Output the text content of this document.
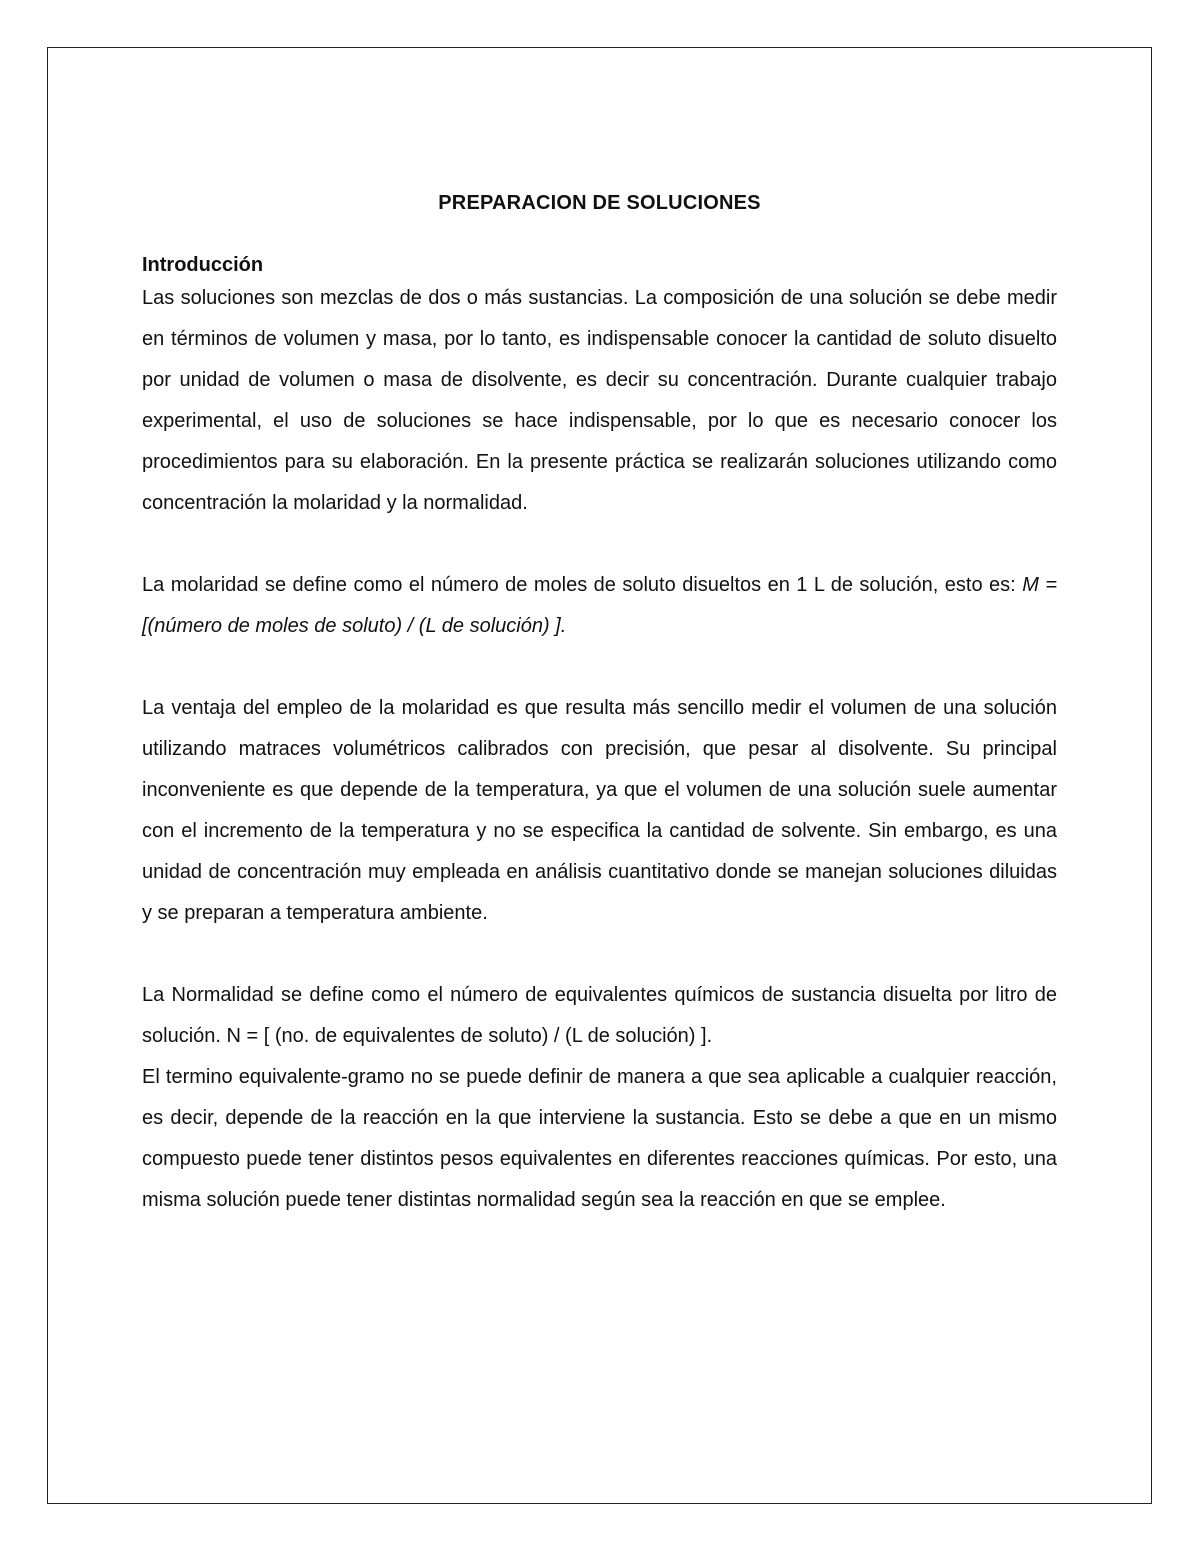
PREPARACION DE SOLUCIONES
Introducción

Las soluciones son mezclas de dos o más sustancias. La composición de una solución se debe medir en términos de volumen y masa, por lo tanto, es indispensable conocer la cantidad de soluto disuelto por unidad de volumen o masa de disolvente, es decir su concentración. Durante cualquier trabajo experimental, el uso de soluciones se hace indispensable, por lo que es necesario conocer los procedimientos para su elaboración. En la presente práctica se realizarán soluciones utilizando como concentración la molaridad y la normalidad.

La molaridad se define como el número de moles de soluto disueltos en 1 L de solución, esto es: M = [(número de moles de soluto) / (L de solución) ].

La ventaja del empleo de la molaridad es que resulta más sencillo medir el volumen de una solución utilizando matraces volumétricos calibrados con precisión, que pesar al disolvente. Su principal inconveniente es que depende de la temperatura, ya que el volumen de una solución suele aumentar con el incremento de la temperatura y no se especifica la cantidad de solvente. Sin embargo, es una unidad de concentración muy empleada en análisis cuantitativo donde se manejan soluciones diluidas y se preparan a temperatura ambiente.

La Normalidad se define como el número de equivalentes químicos de sustancia disuelta por litro de solución. N = [ (no. de equivalentes de soluto) / (L de solución) ].

El termino equivalente-gramo no se puede definir de manera a que sea aplicable a cualquier reacción, es decir, depende de la reacción en la que interviene la sustancia. Esto se debe a que en un mismo compuesto puede tener distintos pesos equivalentes en diferentes reacciones químicas. Por esto, una misma solución puede tener distintas normalidad según sea la reacción en que se emplee.
